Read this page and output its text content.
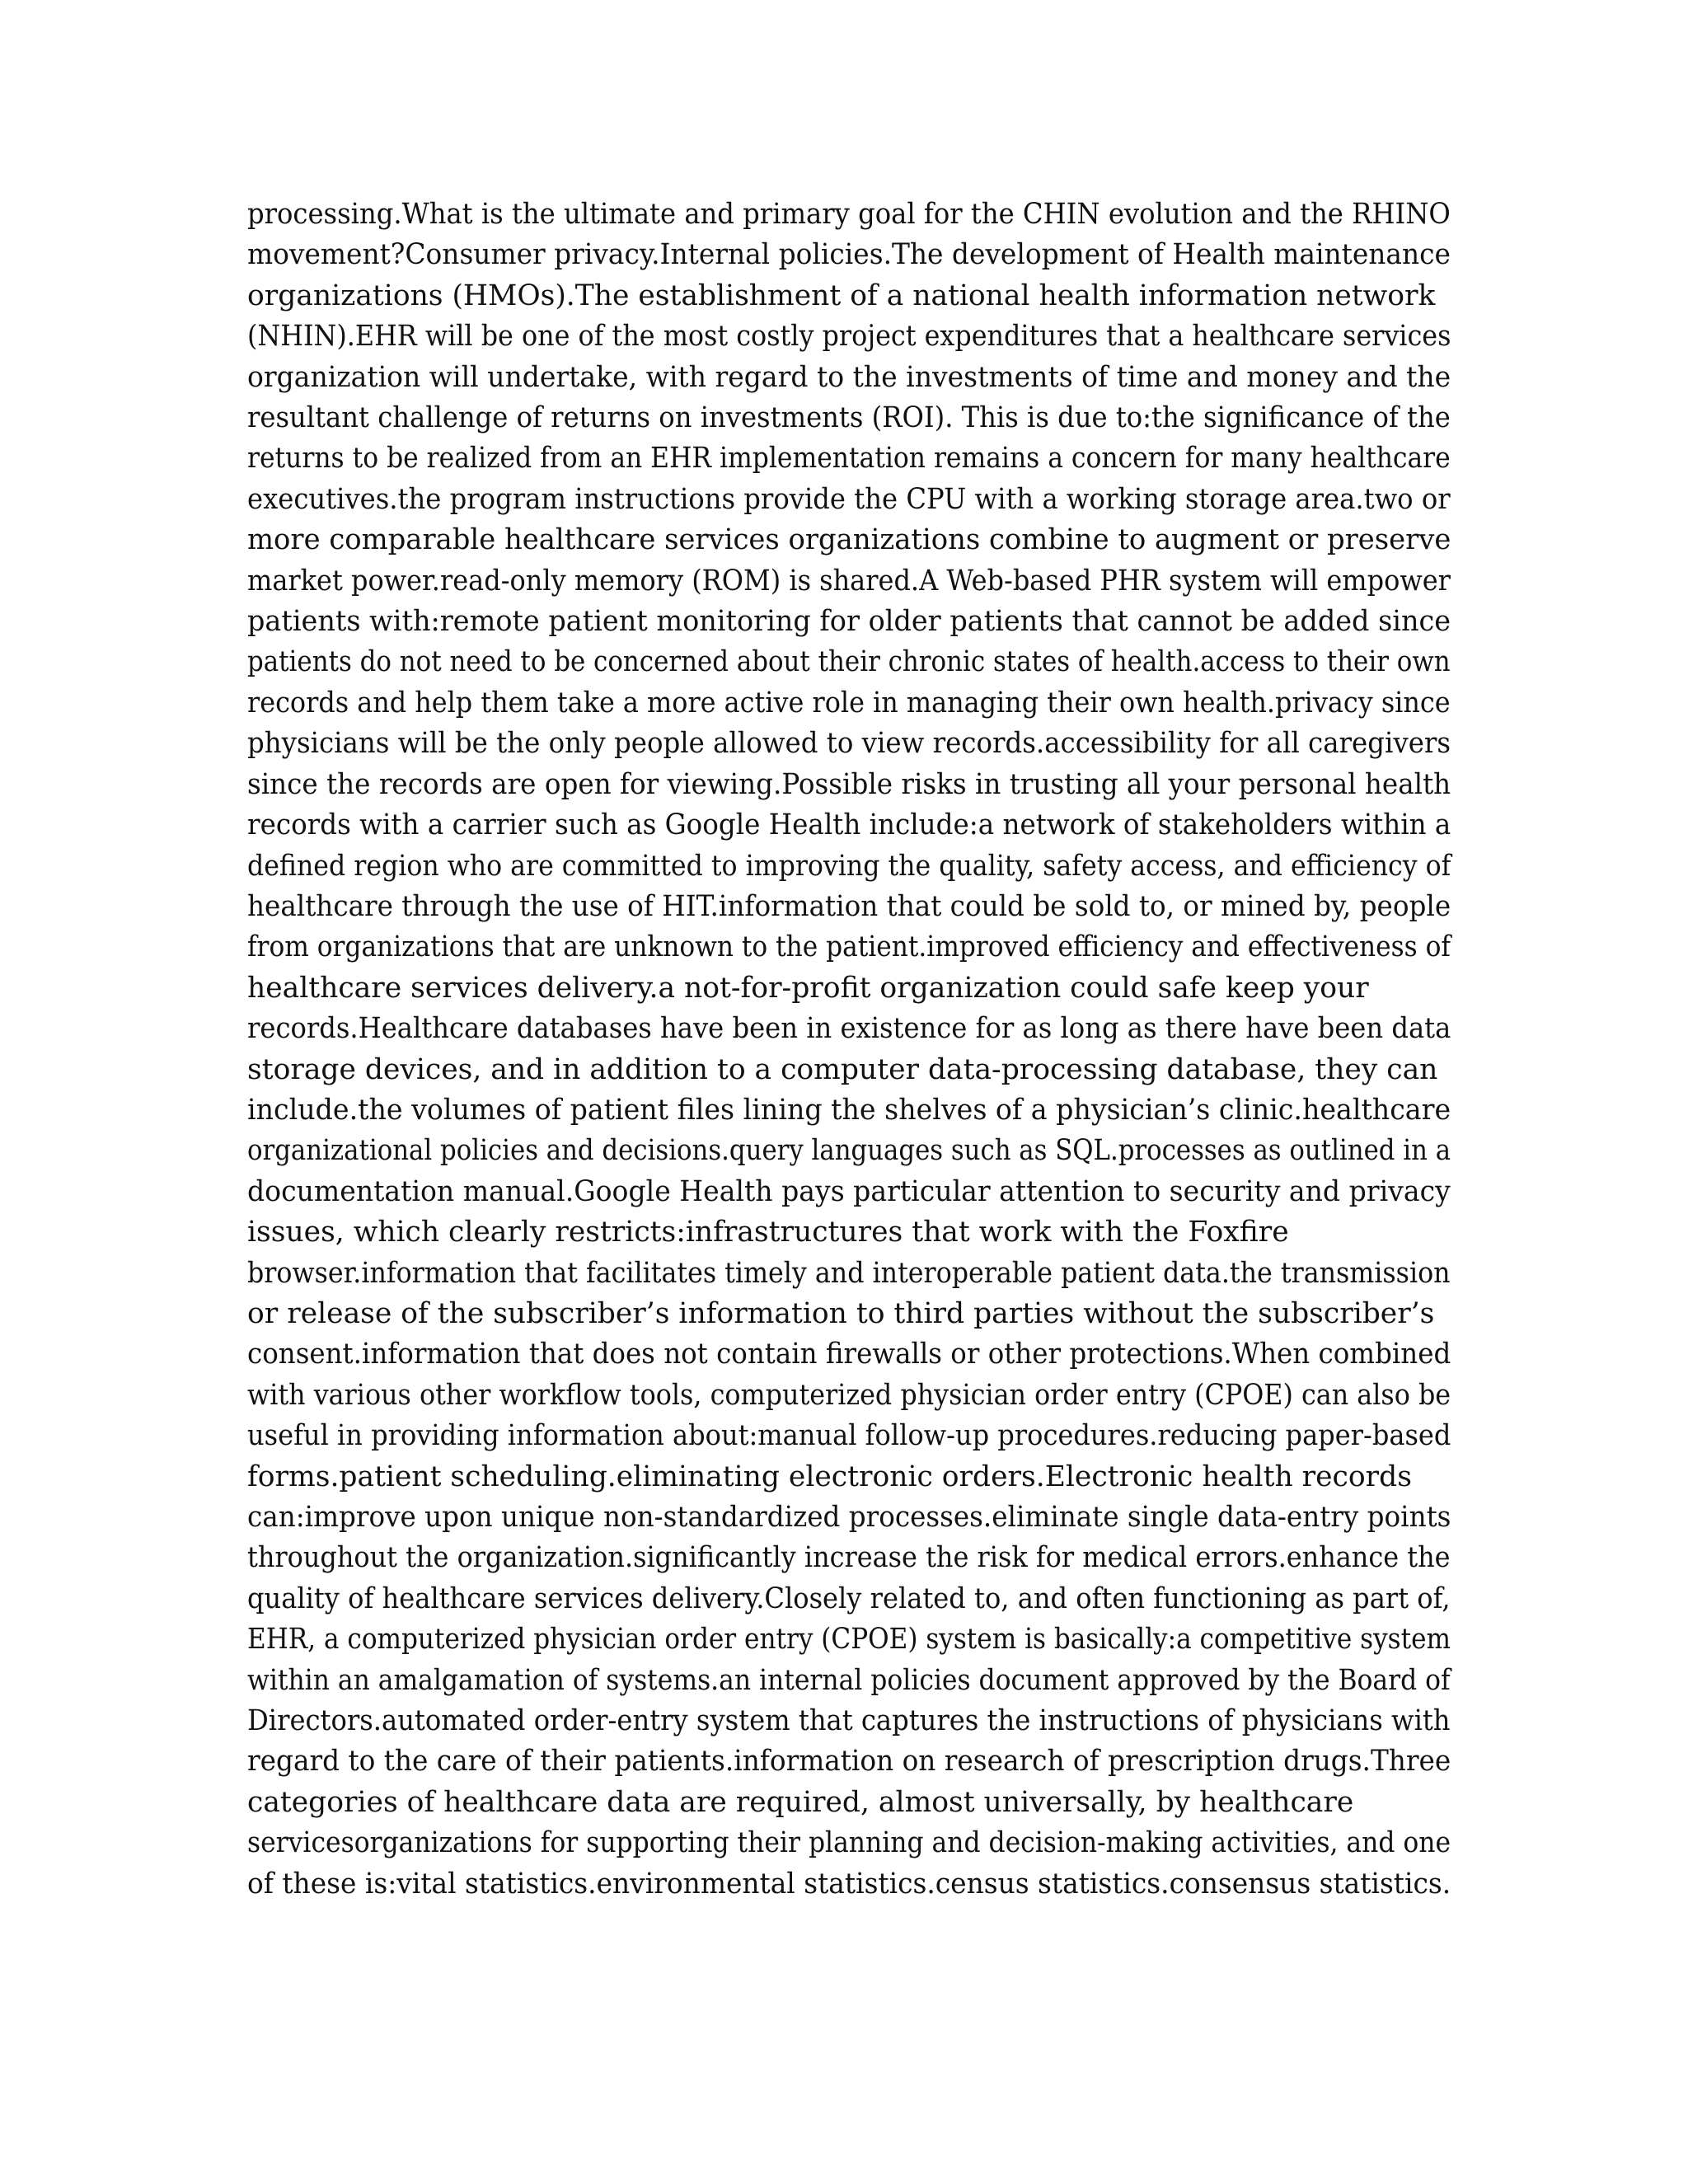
processing.What is the ultimate and primary goal for the CHIN evolution and the RHINOmovement?Consumer privacy.Internal policies.The development of Health maintenance
organizations (HMOs).The establishment of a national health information network
(NHIN).EHR will be one of the most costly project expenditures that a healthcare servicesorganization will undertake, with regard to the investments of time and money and theresultant challenge of returns on investments (ROI). This is due to:the significance of thereturns to be realized from an EHR implementation remains a concern for many healthcareexecutives.the program instructions provide the CPU with a working storage area.two ormore comparable healthcare services organizations combine to augment or preservemarket power.read-only memory (ROM) is shared.A Web-based PHR system will empowerpatients with:remote patient monitoring for older patients that cannot be added sincepatients do not need to be concerned about their chronic states of health.access to their ownrecords and help them take a more active role in managing their own health.privacy sincephysicians will be the only people allowed to view records.accessibility for all caregiverssince the records are open for viewing.Possible risks in trusting all your personal healthrecords with a carrier such as Google Health include:a network of stakeholders within adefined region who are committed to improving the quality, safety access, and efficiency ofhealthcare through the use of HIT.information that could be sold to, or mined by, peoplefrom organizations that are unknown to the patient.improved efficiency and effectiveness of
healthcare services delivery.a not-for-profit organization could safe keep your
records.Healthcare databases have been in existence for as long as there have been data
storage devices, and in addition to a computer data-processing database, they can
include.the volumes of patient files lining the shelves of a physician’s clinic.healthcareorganizational policies and decisions.query languages such as SQL.processes as outlined in adocumentation manual.Google Health pays particular attention to security and privacy
issues, which clearly restricts:infrastructures that work with the Foxfire
browser.information that facilitates timely and interoperable patient data.the transmission
or release of the subscriber’s information to third parties without the subscriber’s
consent.information that does not contain firewalls or other protections.When combinedwith various other workflow tools, computerized physician order entry (CPOE) can also beuseful in providing information about:manual follow-up procedures.reducing paper-based
forms.patient scheduling.eliminating electronic orders.Electronic health records
can:improve upon unique non-standardized processes.eliminate single data-entry pointsthroughout the organization.significantly increase the risk for medical errors.enhance thequality of healthcare services delivery.Closely related to, and often functioning as part of,EHR, a computerized physician order entry (CPOE) system is basically:a competitive systemwithin an amalgamation of systems.an internal policies document approved by the Board ofDirectors.automated order-entry system that captures the instructions of physicians withregard to the care of their patients.information on research of prescription drugs.Three
categories of healthcare data are required, almost universally, by healthcare
servicesorganizations for supporting their planning and decision-making activities, and oneof these is:vital statistics.environmental statistics.census statistics.consensus statistics.
